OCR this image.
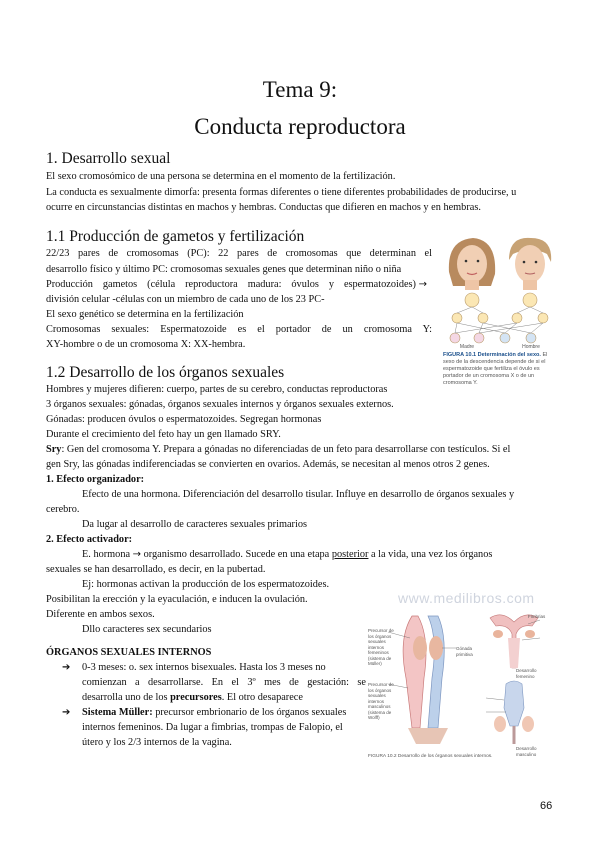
Tema 9:
Conducta reproductora
1. Desarrollo sexual
El sexo cromosómico de una persona se determina en el momento de la fertilización.
La conducta es sexualmente dimorfa: presenta formas diferentes o tiene diferentes probabilidades de producirse, u
ocurre en circunstancias distintas en machos y hembras. Conductas que difieren en machos y en hembras.
1.1 Producción de gametos y fertilización
22/23 pares de cromosomas (PC): 22 pares de cromosomas que determinan el
desarrollo físico y último PC: cromosomas sexuales genes que determinan niño o niña
Producción gametos (célula reproductora madura: óvulos y espermatozoides) →
división celular -células con un miembro de cada uno de los 23 PC-
El sexo genético se determina en la fertilización
Cromosomas sexuales: Espermatozoide es el portador de un cromosoma Y:
XY-hombre o de un cromosoma X: XX-hembra.	Madre	Hombre
FIGURA 10.1 Determinación del sexo. El sexo de la descendencia depende de si el espermatozoide que fertiliza el óvulo es portador de un cromosoma X o de un cromosoma Y.
1.2 Desarrollo de los órganos sexuales
Hombres y mujeres difieren: cuerpo, partes de su cerebro, conductas reproductoras
3 órganos sexuales: gónadas, órganos sexuales internos y órganos sexuales externos.
Gónadas: producen óvulos o espermatozoides. Segregan hormonas
Durante el crecimiento del feto hay un gen llamado SRY.
Sry: Gen del cromosoma Y. Prepara a gónadas no diferenciadas de un feto para desarrollarse con testículos. Si el
gen Sry, las gónadas indiferenciadas se convierten en ovarios. Además, se necesitan al menos otros 2 genes.
1. Efecto organizador:
Efecto de una hormona. Diferenciación del desarrollo tisular. Influye en desarrollo de órganos sexuales y
cerebro.
Da lugar al desarrollo de caracteres sexuales primarios
2. Efecto activador:
E. hormona → organismo desarrollado. Sucede en una etapa posterior a la vida, una vez los órganos
sexuales se han desarrollado, es decir, en la pubertad.
Ej: hormonas activan la producción de los espermatozoides.
Posibilitan la erección y la eyaculación, e inducen la ovulación.
Diferente en ambos sexos.
Dllo caracteres sex secundarios
ÓRGANOS SEXUALES INTERNOS
➔ 0-3 meses: o. sex internos bisexuales. Hasta los 3 meses no
comienzan a desarrollarse. En el 3º mes de gestación: se
desarrolla uno de los precursores. El otro desaparece
➔ Sistema Müller: precursor embrionario de los órganos sexuales
internos femeninos. Da lugar a fimbrias, trompas de Falopio, el
útero y los 2/3 internos de la vagina.
www.medilibros.com
Precursor de los órganos sexuales internos femeninos (sistema de Müller)
Gónada primitiva
Precursor de los órganos sexuales internos masculinos (sistema de Wolff)
Fimbrias
Desarrollo femenino
Desarrollo masculino
FIGURA 10.2 Desarrollo de los órganos sexuales internos.
66
